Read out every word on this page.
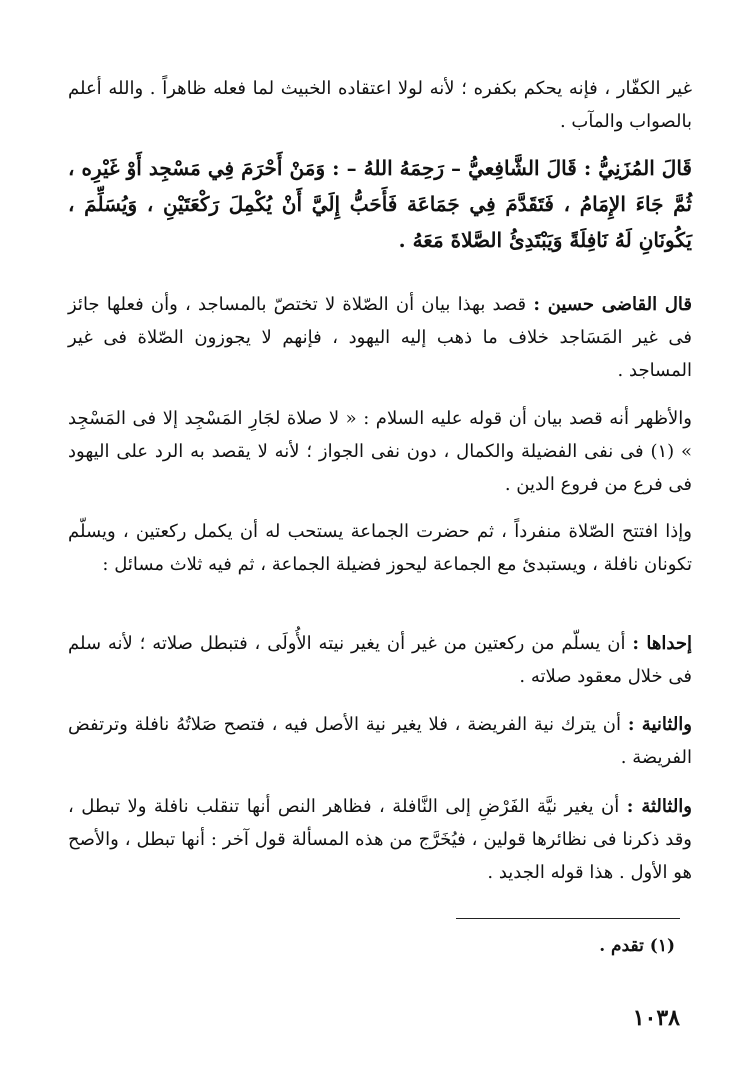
غير الكفّار ، فإنه يحكم بكفره ؛ لأنه لولا اعتقاده الخبيث لما فعله ظاهراً . والله أعلم بالصواب والمآب .

قَالَ المُزَنِيُّ : قَالَ الشَّافِعيُّ – رَحِمَهُ اللهُ – : وَمَنْ أَحْرَمَ فِي مَسْجِد أَوْ غَيْرِه ، ثُمَّ جَاءَ الإِمَامُ ، فَتَقَدَّمَ فِي جَمَاعَة فَأَحَبُّ إِلَيَّ أَنْ يُكْمِلَ رَكْعَتَيْنِ ، وَيُسَلِّمَ ، يَكُونَانِ لَهُ نَافِلَةً وَيَبْتَدِئُ الصَّلاةَ مَعَهُ .

قال القاضى حسين : قصد بهذا بيان أن الصّلاة لا تختصّ بالمساجد ، وأن فعلها جائز فى غير المَسَاجد خلاف ما ذهب إليه اليهود ، فإنهم لا يجوزون الصّلاة فى غير المساجد .

والأظهر أنه قصد بيان أن قوله عليه السلام : « لا صلاة لجَارِ المَسْجِد إلا فى المَسْجِد » (١) فى نفى الفضيلة والكمال ، دون نفى الجواز ؛ لأنه لا يقصد به الرد على اليهود فى فرع من فروع الدين .

وإذا افتتح الصّلاة منفرداً ، ثم حضرت الجماعة يستحب له أن يكمل ركعتين ، ويسلّم تكونان نافلة ، ويستبدئ مع الجماعة ليحوز فضيلة الجماعة ، ثم فيه ثلاث مسائل :

إحداها : أن يسلّم من ركعتين من غير أن يغير نيته الأُولَى ، فتبطل صلاته ؛ لأنه سلم فى خلال معقود صلاته .

والثانية : أن يترك نية الفريضة ، فلا يغير نية الأصل فيه ، فتصح صَلاتُهُ نافلة وترتفض الفريضة .

والثالثة : أن يغير نيَّة الفَرْضِ إلى النَّافلة ، فظاهر النص أنها تنقلب نافلة ولا تبطل ، وقد ذكرنا فى نظائرها قولين ، فيُخَرَّج من هذه المسألة قول آخر : أنها تبطل ، والأصح هو الأول . هذا قوله الجديد .

(١) تقدم .
١٠٣٨
